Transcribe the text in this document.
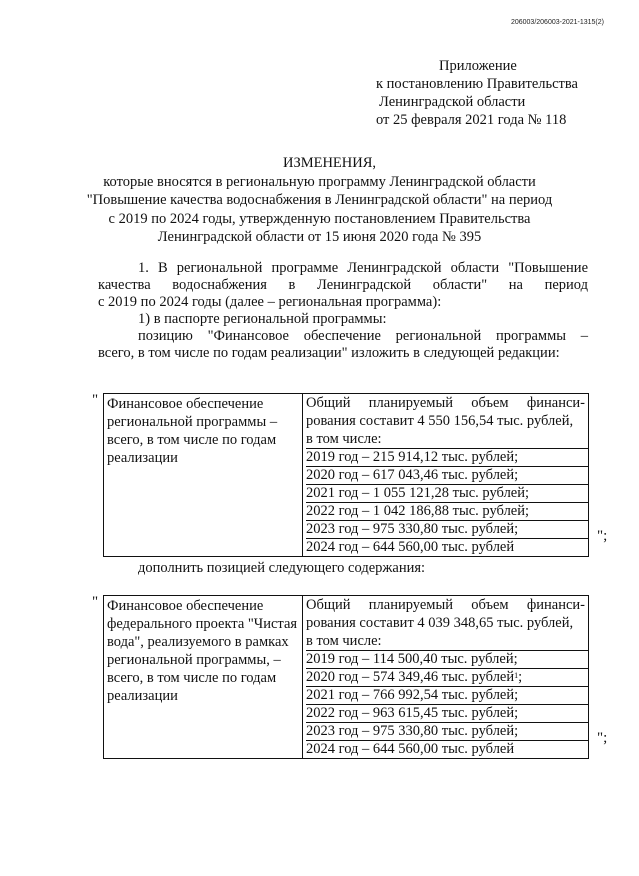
206003/206003-2021-1315(2)
Приложение
к постановлению Правительства
Ленинградской области
от 25 февраля 2021 года № 118
ИЗМЕНЕНИЯ,
которые вносятся в региональную программу Ленинградской области
"Повышение качества водоснабжения в Ленинградской области" на период
с 2019 по 2024 годы, утвержденную постановлением Правительства
Ленинградской области от 15 июня 2020 года № 395
1. В региональной программе Ленинградской области "Повышение
качества водоснабжения в Ленинградской области" на период
с 2019 по 2024 годы (далее – региональная программа):
1) в паспорте региональной программы:
позицию "Финансовое обеспечение региональной программы –
всего, в том числе по годам реализации" изложить в следующей редакции:
" Финансовое обеспечение региональной программы – всего, в том числе по годам реализации	
Общий планируемый объем финанси-
рования составит 4 550 156,54 тыс. рублей,
в том числе:
2019 год – 215 914,12 тыс. рублей;
2020 год – 617 043,46 тыс. рублей;
2021 год – 1 055 121,28 тыс. рублей;
2022 год – 1 042 186,88 тыс. рублей;
2023 год – 975 330,80 тыс. рублей;
2024 год – 644 560,00 тыс. рублей
";
дополнить позицией следующего содержания:
" Финансовое обеспечение федерального проекта "Чистая вода", реализуемого в рамках региональной программы, – всего, в том числе по годам реализации	
Общий планируемый объем финанси-
рования составит 4 039 348,65 тыс. рублей,
в том числе:
2019 год – 114 500,40 тыс. рублей;
2020 год – 574 349,46 тыс. рублей$^1$;
2021 год – 766 992,54 тыс. рублей;
2022 год – 963 615,45 тыс. рублей;
2023 год – 975 330,80 тыс. рублей;
2024 год – 644 560,00 тыс. рублей
";
